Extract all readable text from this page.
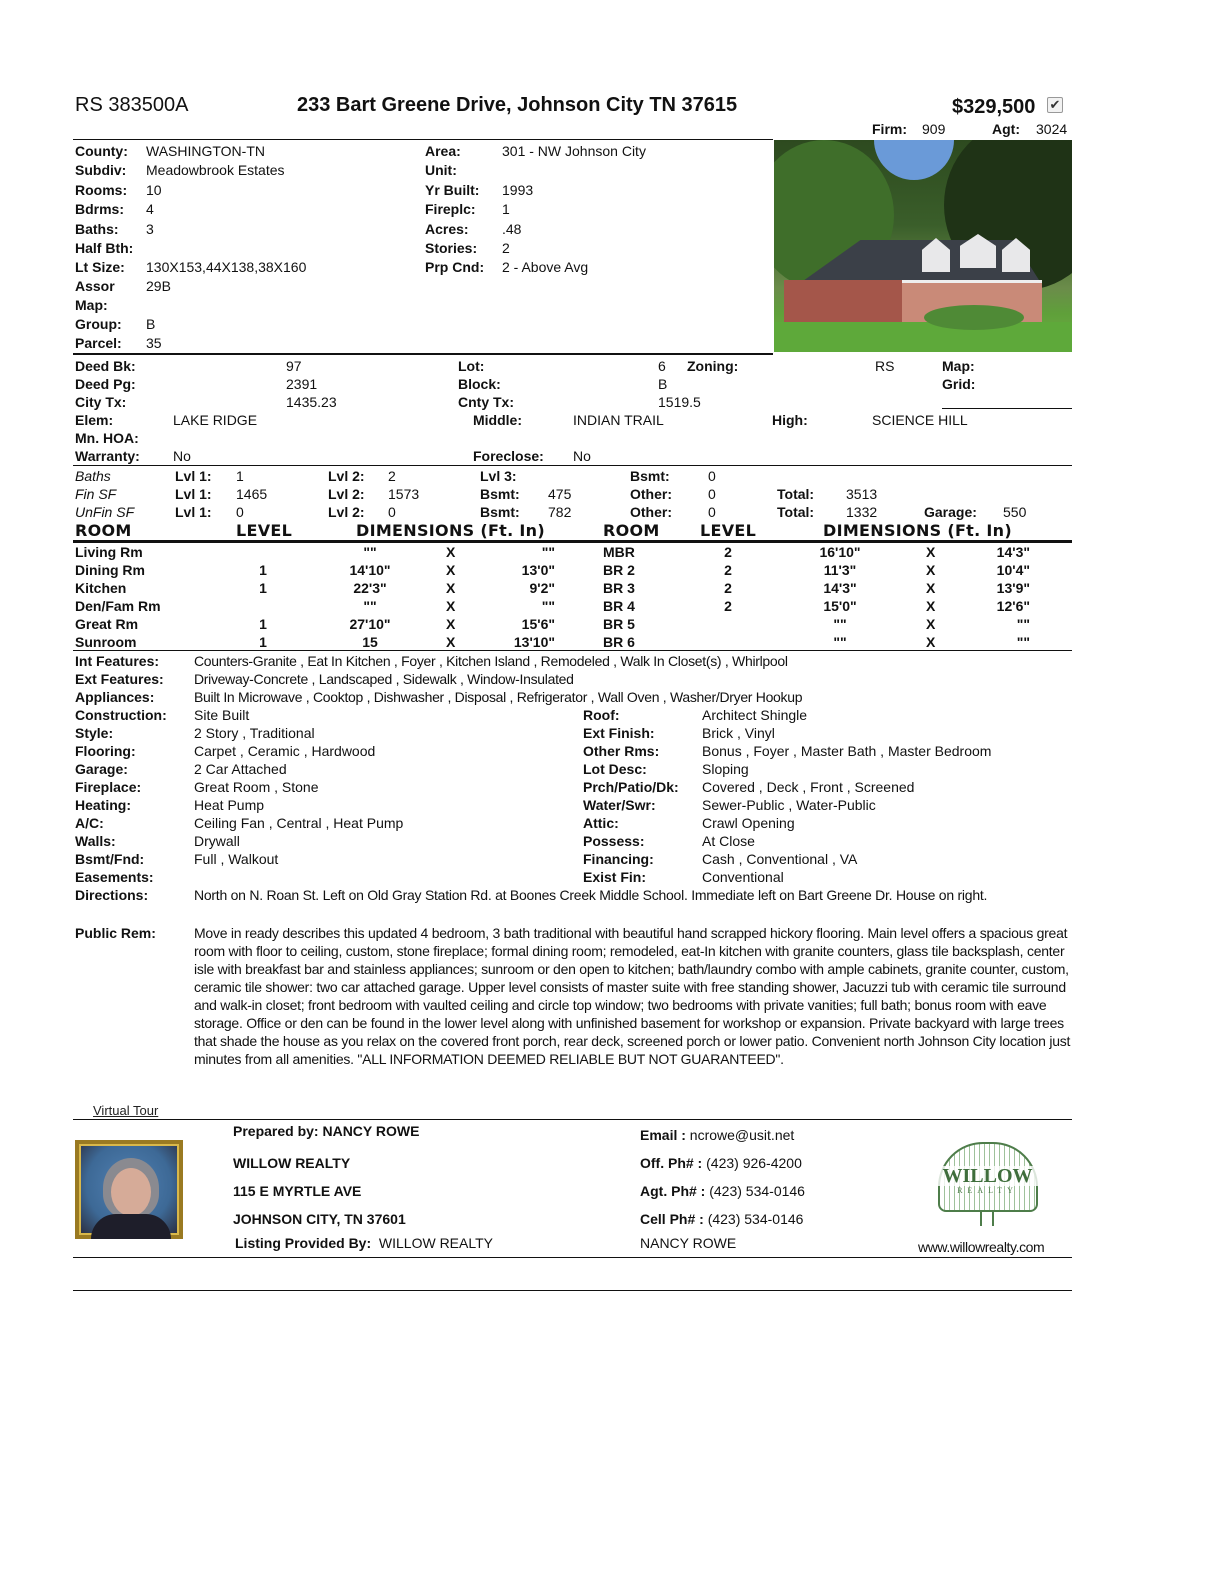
RS 383500A	233 Bart Greene Drive, Johnson City TN 37615	$329,500 ✔
Firm: 909	Agt: 3024
County: WASHINGTON-TN
Subdiv: Meadowbrook Estates
Rooms: 10
Bdrms: 4
Baths: 3
Half Bth:
Lt Size: 130X153,44X138,38X160
Assor 29B
Map:
Group: B
Parcel: 35
Area:	301 - NW Johnson City
Unit:
Yr Built: 1993
Fireplc: 1
Acres: .48
Stories: 2
Prp Cnd: 2 - Above Avg
Deed Bk:	97
Deed Pg:	2391
City Tx:	1435.23
Lot:	6
Block:	B
Cnty Tx:	1519.5
Zoning:	RS	Map:
Grid:
Elem:	LAKE RIDGE	Middle:	INDIAN TRAIL	High:	SCIENCE HILL
Mn. HOA:
Warranty: No	Foreclose: No
Baths	Lvl 1: 1	Lvl 2: 2	Lvl 3:	Bsmt:	0
Fin SF	Lvl 1: 1465	Lvl 2: 1573	Bsmt: 475	Other:	0	Total: 3513
UnFin SF	Lvl 1: 0	Lvl 2: 0	Bsmt: 782	Other:	0	Total: 1332	Garage: 550
ROOM	LEVEL	DIMENSIONS (Ft. In)	ROOM	LEVEL	DIMENSIONS (Ft. In)
Living Rm	""	X	""
Dining Rm	1	14'10"	X	13'0"
Kitchen	1	22'3"	X	9'2"
Den/Fam Rm	""	X	""
Great Rm	1	27'10"	X	15'6"
Sunroom	1	15	X	13'10"
MBR	2	16'10"	X	14'3"
BR 2	2	11'3"	X	10'4"
BR 3	2	14'3"	X	13'9"
BR 4	2	15'0"	X	12'6"
BR 5	""	X	""
BR 6	""	X	""
Int Features: Counters-Granite , Eat In Kitchen , Foyer , Kitchen Island , Remodeled , Walk In Closet(s) , Whirlpool
Ext Features: Driveway-Concrete , Landscaped , Sidewalk , Window-Insulated
Appliances:	Built In Microwave , Cooktop , Dishwasher , Disposal , Refrigerator , Wall Oven , Washer/Dryer Hookup
Construction: Site Built
Style:	2 Story , Traditional
Flooring:	Carpet , Ceramic , Hardwood
Garage:	2 Car Attached
Fireplace:	Great Room , Stone
Heating:	Heat Pump
A/C:	Ceiling Fan , Central , Heat Pump
Walls:	Drywall
Bsmt/Fnd:	Full , Walkout
Easements:
Roof:	Architect Shingle
Ext Finish:	Brick , Vinyl
Other Rms:	Bonus , Foyer , Master Bath , Master Bedroom
Lot Desc:	Sloping
Prch/Patio/Dk: Covered , Deck , Front , Screened
Water/Swr:	Sewer-Public , Water-Public
Attic:	Crawl Opening
Possess:	At Close
Financing:	Cash , Conventional , VA
Exist Fin:	Conventional
Directions:	North on N. Roan St. Left on Old Gray Station Rd. at Boones Creek Middle School. Immediate left on Bart Greene Dr. House on right.
Public Rem:	Move in ready describes this updated 4 bedroom, 3 bath traditional with beautiful hand scrapped hickory flooring. Main level offers a spacious great room with floor to ceiling, custom, stone fireplace; formal dining room; remodeled, eat-In kitchen with granite counters, glass tile backsplash, center isle with breakfast bar and stainless appliances; sunroom or den open to kitchen; bath/laundry combo with ample cabinets, granite counter, custom, ceramic tile shower: two car attached garage. Upper level consists of master suite with free standing shower, Jacuzzi tub with ceramic tile surround and walk-in closet; front bedroom with vaulted ceiling and circle top window; two bedrooms with private vanities; full bath; bonus room with eave storage. Office or den can be found in the lower level along with unfinished basement for workshop or expansion. Private backyard with large trees that shade the house as you relax on the covered front porch, rear deck, screened porch or lower patio. Convenient north Johnson City location just minutes from all amenities. "ALL INFORMATION DEEMED RELIABLE BUT NOT GUARANTEED".
Virtual Tour
Prepared by: NANCY ROWE
WILLOW REALTY
115 E MYRTLE AVE
JOHNSON CITY, TN 37601
Listing Provided By: WILLOW REALTY
Email : ncrowe@usit.net
Off. Ph# : (423) 926-4200
Agt. Ph# : (423) 534-0146
Cell Ph# : (423) 534-0146
NANCY ROWE
WILLOW
REALTY
www.willowrealty.com
